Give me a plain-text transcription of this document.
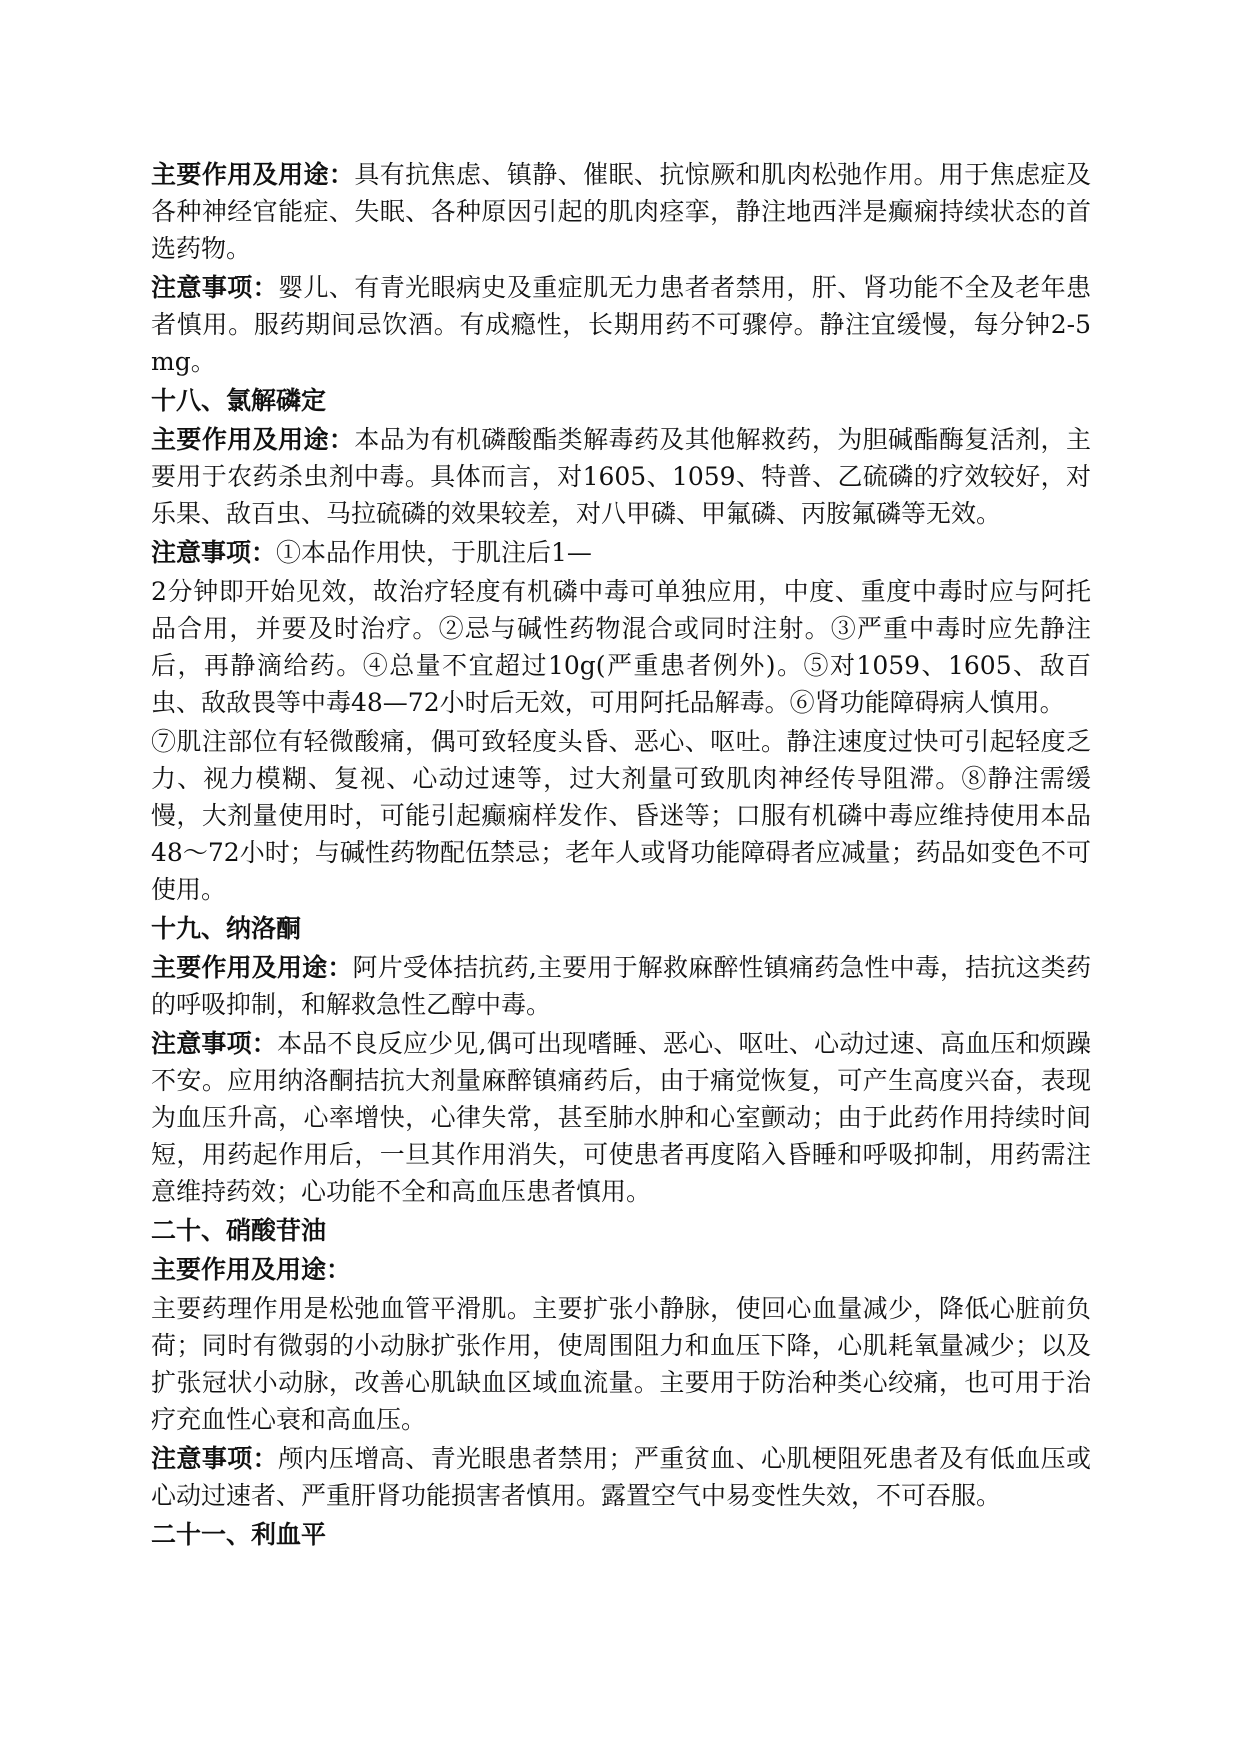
主要作用及用途：具有抗焦虑、镇静、催眠、抗惊厥和肌肉松弛作用。用于焦虑症及各种神经官能症、失眠、各种原因引起的肌肉痉挛，静注地西泮是癫痫持续状态的首选药物。

注意事项：婴儿、有青光眼病史及重症肌无力患者者禁用，肝、肾功能不全及老年患者慎用。服药期间忌饮酒。有成瘾性，长期用药不可骤停。静注宜缓慢，每分钟2-5 mg。

十八、氯解磷定

主要作用及用途：本品为有机磷酸酯类解毒药及其他解救药，为胆碱酯酶复活剂，主要用于农药杀虫剂中毒。具体而言，对1605、1059、特普、乙硫磷的疗效较好，对乐果、敌百虫、马拉硫磷的效果较差，对八甲磷、甲氟磷、丙胺氟磷等无效。

注意事项：①本品作用快，于肌注后1—

2分钟即开始见效，故治疗轻度有机磷中毒可单独应用，中度、重度中毒时应与阿托品合用，并要及时治疗。②忌与碱性药物混合或同时注射。③严重中毒时应先静注后，再静滴给药。④总量不宜超过10g(严重患者例外)。⑤对1059、1605、敌百虫、敌敌畏等中毒48—72小时后无效，可用阿托品解毒。⑥肾功能障碍病人慎用。

⑦肌注部位有轻微酸痛，偶可致轻度头昏、恶心、呕吐。静注速度过快可引起轻度乏力、视力模糊、复视、心动过速等，过大剂量可致肌肉神经传导阻滞。⑧静注需缓慢，大剂量使用时，可能引起癫痫样发作、昏迷等；口服有机磷中毒应维持使用本品48～72小时；与碱性药物配伍禁忌；老年人或肾功能障碍者应减量；药品如变色不可使用。

十九、纳洛酮

主要作用及用途：阿片受体拮抗药,主要用于解救麻醉性镇痛药急性中毒，拮抗这类药的呼吸抑制，和解救急性乙醇中毒。

注意事项：本品不良反应少见,偶可出现嗜睡、恶心、呕吐、心动过速、高血压和烦躁不安。应用纳洛酮拮抗大剂量麻醉镇痛药后，由于痛觉恢复，可产生高度兴奋，表现为血压升高，心率增快，心律失常，甚至肺水肿和心室颤动；由于此药作用持续时间短，用药起作用后，一旦其作用消失，可使患者再度陷入昏睡和呼吸抑制，用药需注意维持药效；心功能不全和高血压患者慎用。

二十、硝酸苷油
主要作用及用途：

主要药理作用是松弛血管平滑肌。主要扩张小静脉，使回心血量减少，降低心脏前负荷；同时有微弱的小动脉扩张作用，使周围阻力和血压下降，心肌耗氧量减少；以及扩张冠状小动脉，改善心肌缺血区域血流量。主要用于防治种类心绞痛，也可用于治疗充血性心衰和高血压。

注意事项：颅内压增高、青光眼患者禁用；严重贫血、心肌梗阻死患者及有低血压或心动过速者、严重肝肾功能损害者慎用。露置空气中易变性失效，不可吞服。

二十一、利血平
